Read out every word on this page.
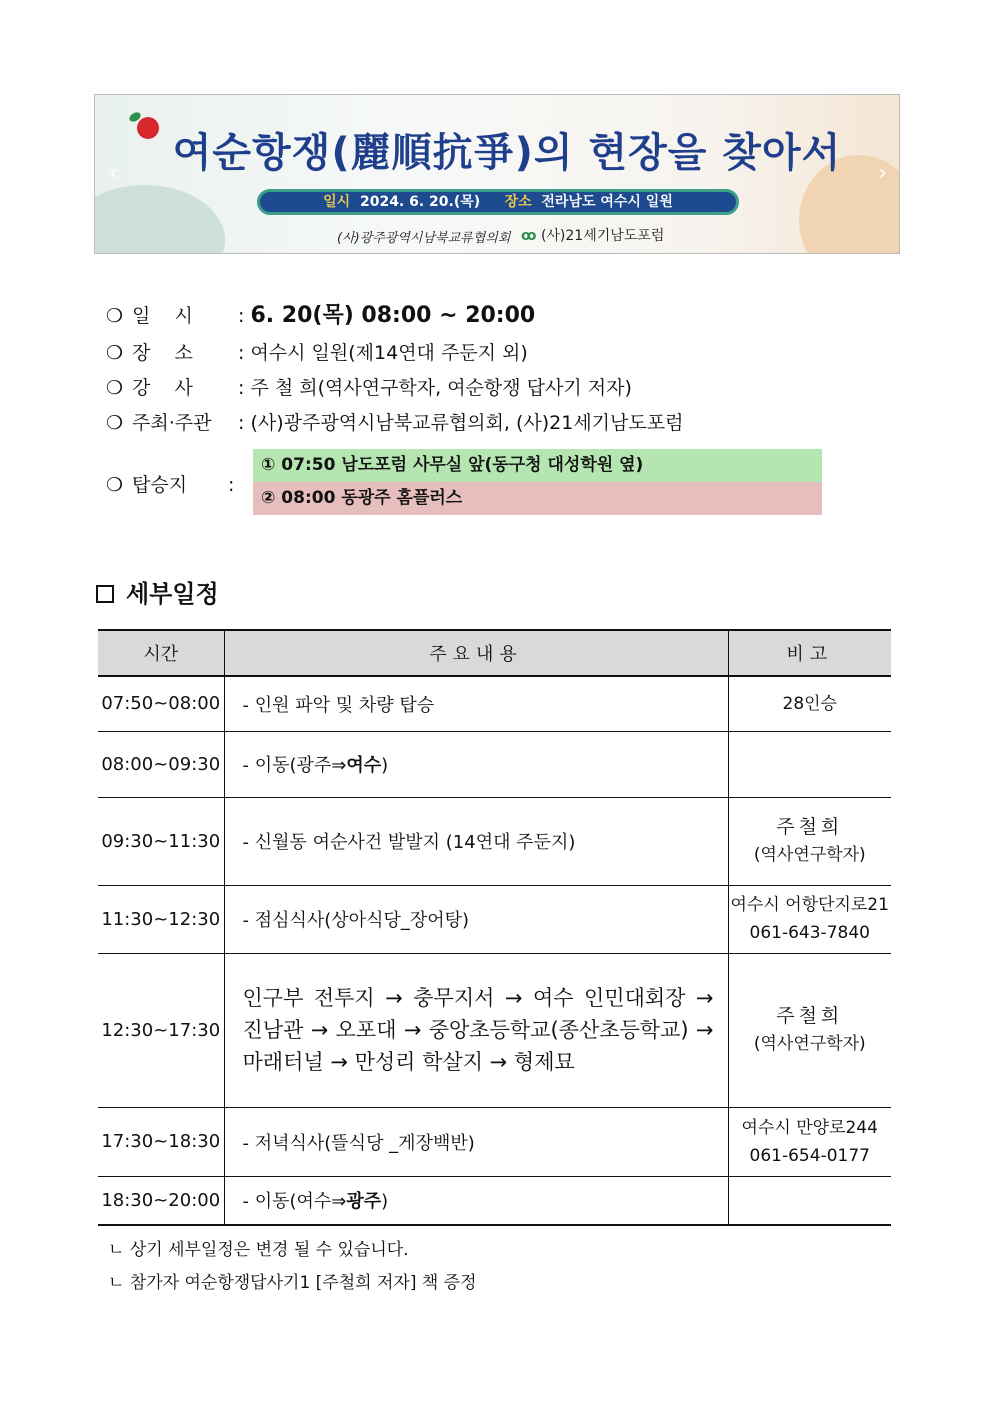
‹	›
여순항쟁(麗順抗爭)의 현장을 찾아서
일시 2024. 6. 20.(목) 장소 전라남도 여수시 일원
(사)광주광역시남북교류협의회 ꝏ (사)21세기남도포럼
❍ 일    시 : 6. 20(목) 08:00 ~ 20:00
❍ 장    소 : 여수시 일원(제14연대 주둔지 외)
❍ 강    사 : 주 철 희(역사연구학자, 여순항쟁 답사기 저자)
❍ 주최·주관 : (사)광주광역시남북교류협의회, (사)21세기남도포럼
❍ 탑승지 :
① 07:50 남도포럼 사무실 앞(동구청 대성학원 옆)
② 08:00 동광주 홈플러스
세부일정
시간	주요내용	비고
07:50~08:00	- 인원 파악 및 차량 탑승	28인승
08:00~09:30	- 이동(광주⇒여수)	
09:30~11:30	- 신월동 여순사건 발발지 (14연대 주둔지)	주철희
(역사연구학자)

11:30~12:30	- 점심식사(상아식당_장어탕)	여수시 어항단지로21
061-643-7840

12:30~17:30	인구부 전투지 → 충무지서 → 여수 인민대회장 → 진남관 → 오포대 → 중앙초등학교(종산초등학교) → 마래터널 → 만성리 학살지 → 형제묘	주철희
(역사연구학자)

17:30~18:30	- 저녁식사(뜰식당 _게장백반)	여수시 만양로244
061-654-0177

18:30~20:00	- 이동(여수⇒광주)	
ㄴ 상기 세부일정은 변경 될 수 있습니다.
ㄴ 참가자 여순항쟁답사기1 [주철희 저자] 책 증정
